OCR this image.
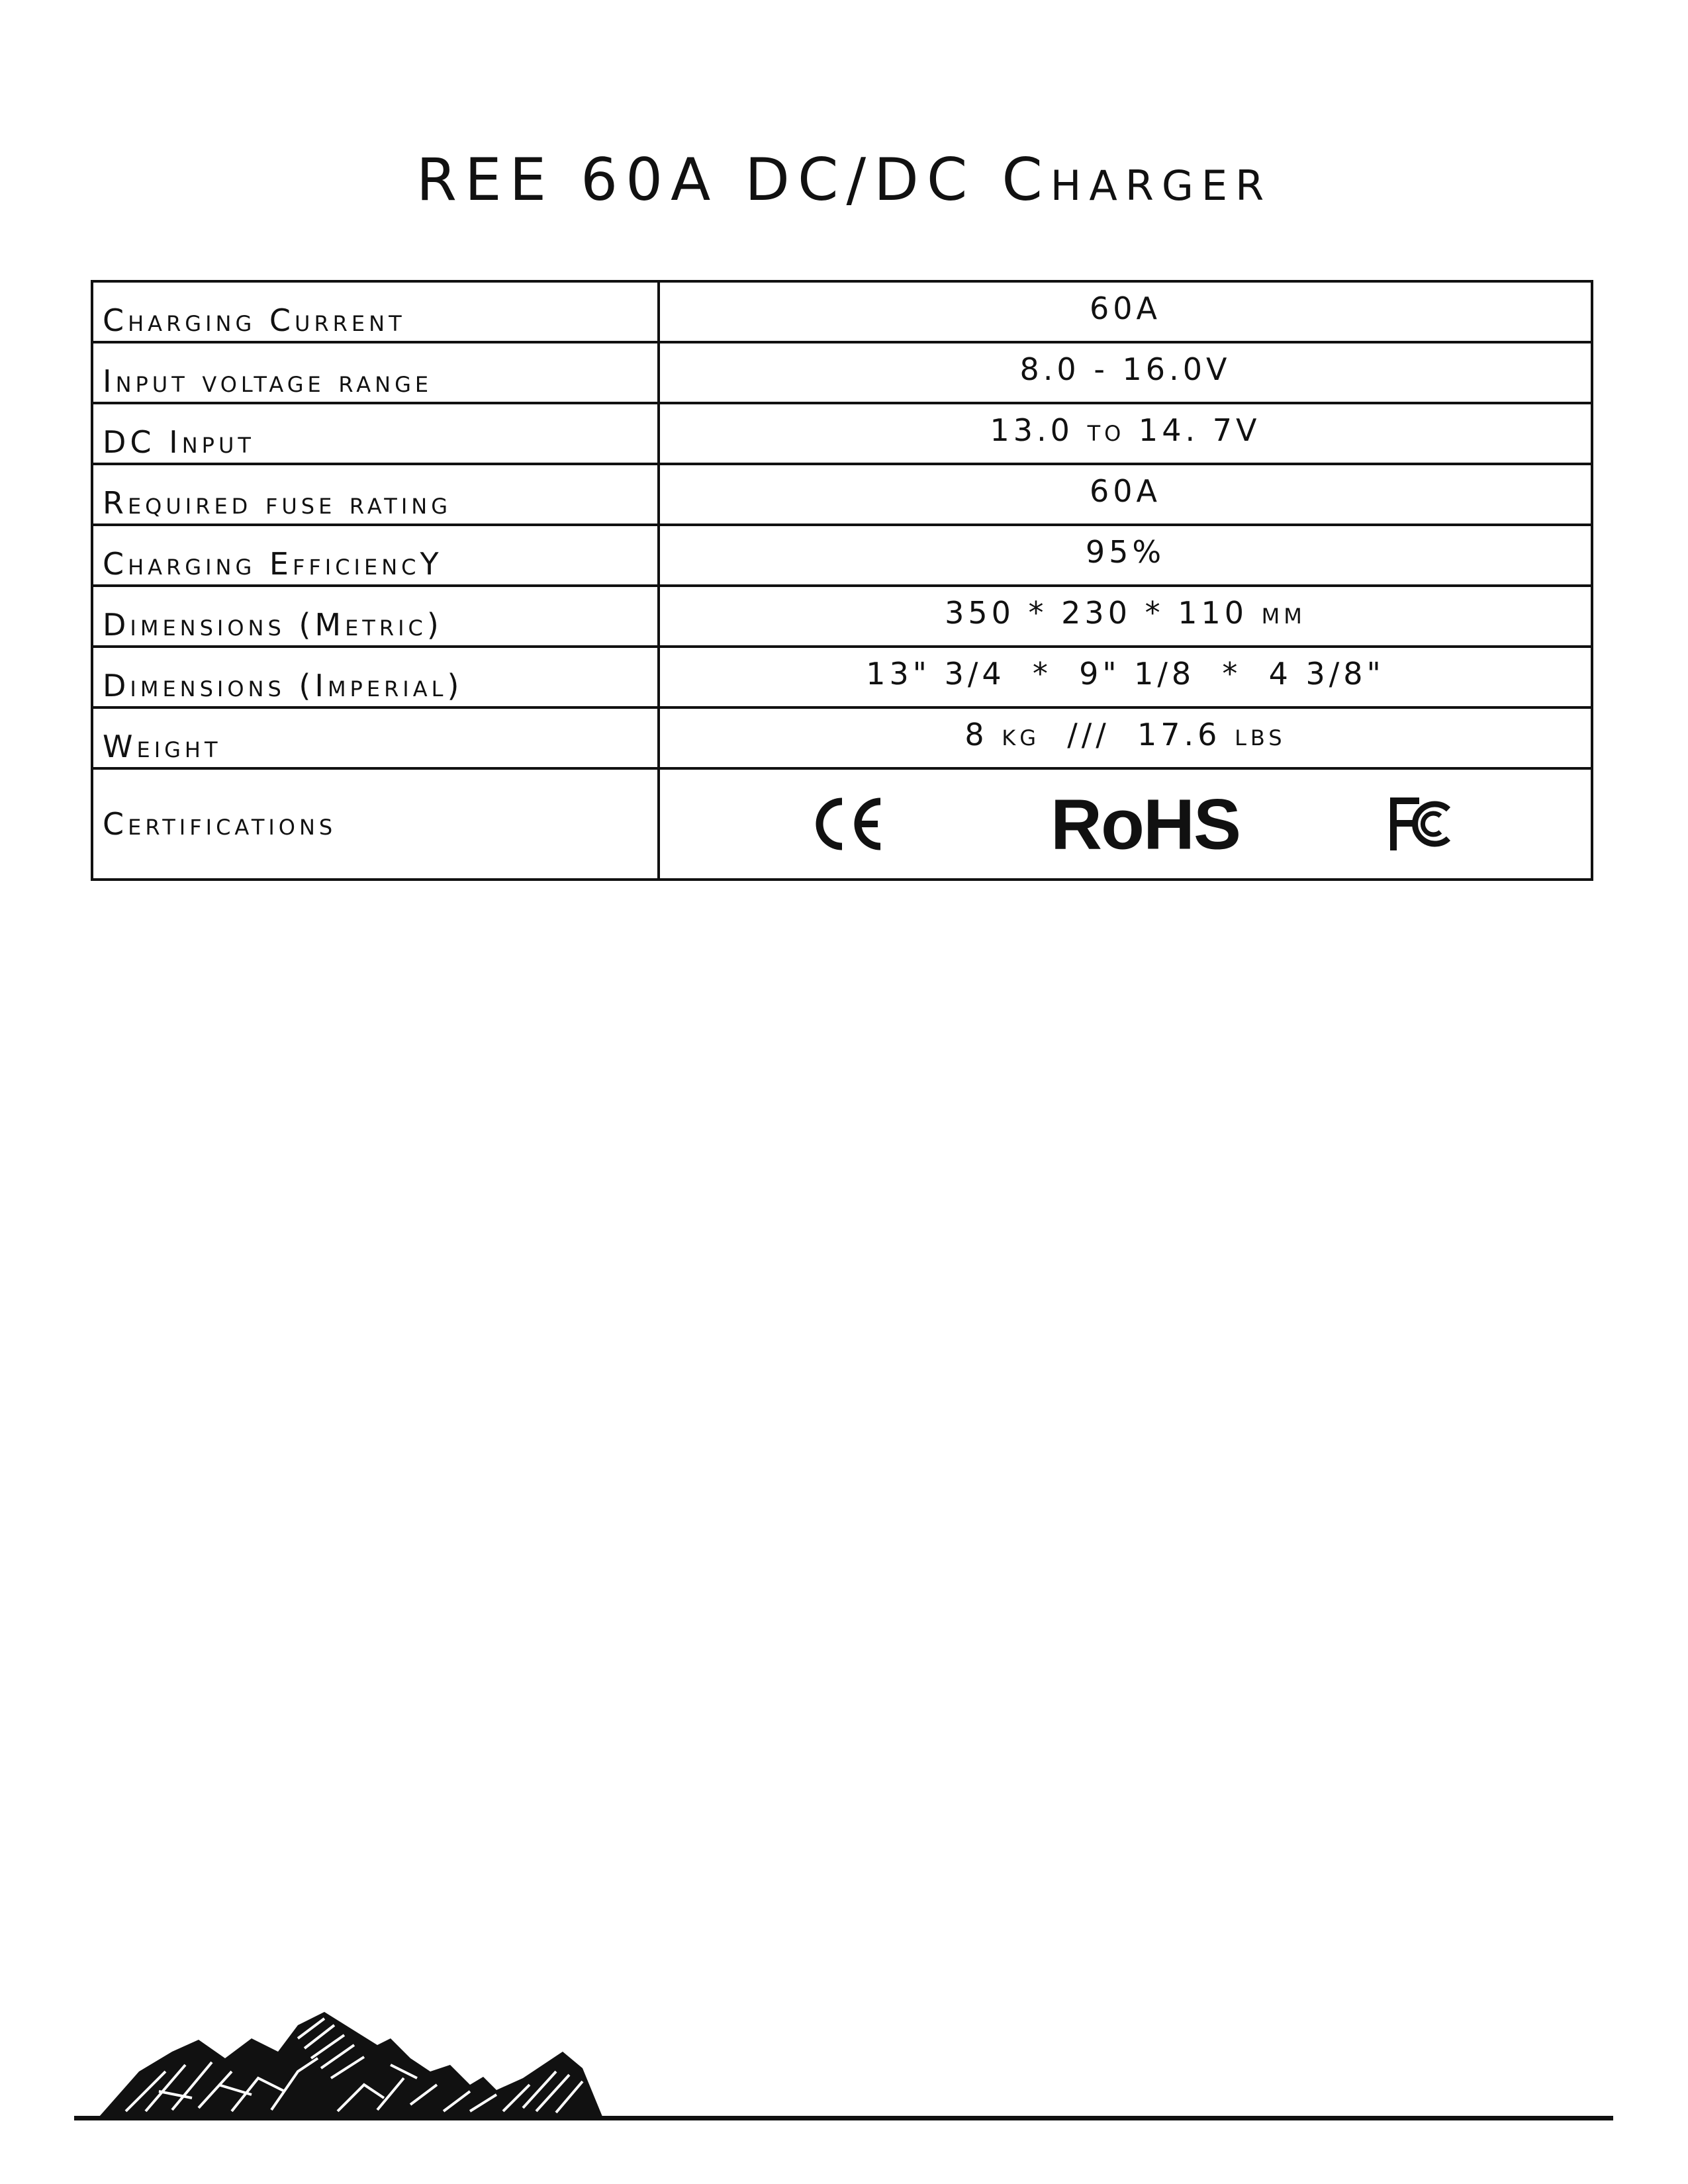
REE 60A DC/DC Charger
Charging Current	60A
Input voltage range	8.0 - 16.0V
DC Input	13.0 to 14. 7V
Required fuse rating	60A
Charging EfficiencY	95%
Dimensions (Metric)	350 * 230 * 110 mm
Dimensions (Imperial)	13" 3/4  *  9" 1/8  *  4 3/8"
Weight	8 kg  ///  17.6 lbs
Certifications	RoHS
